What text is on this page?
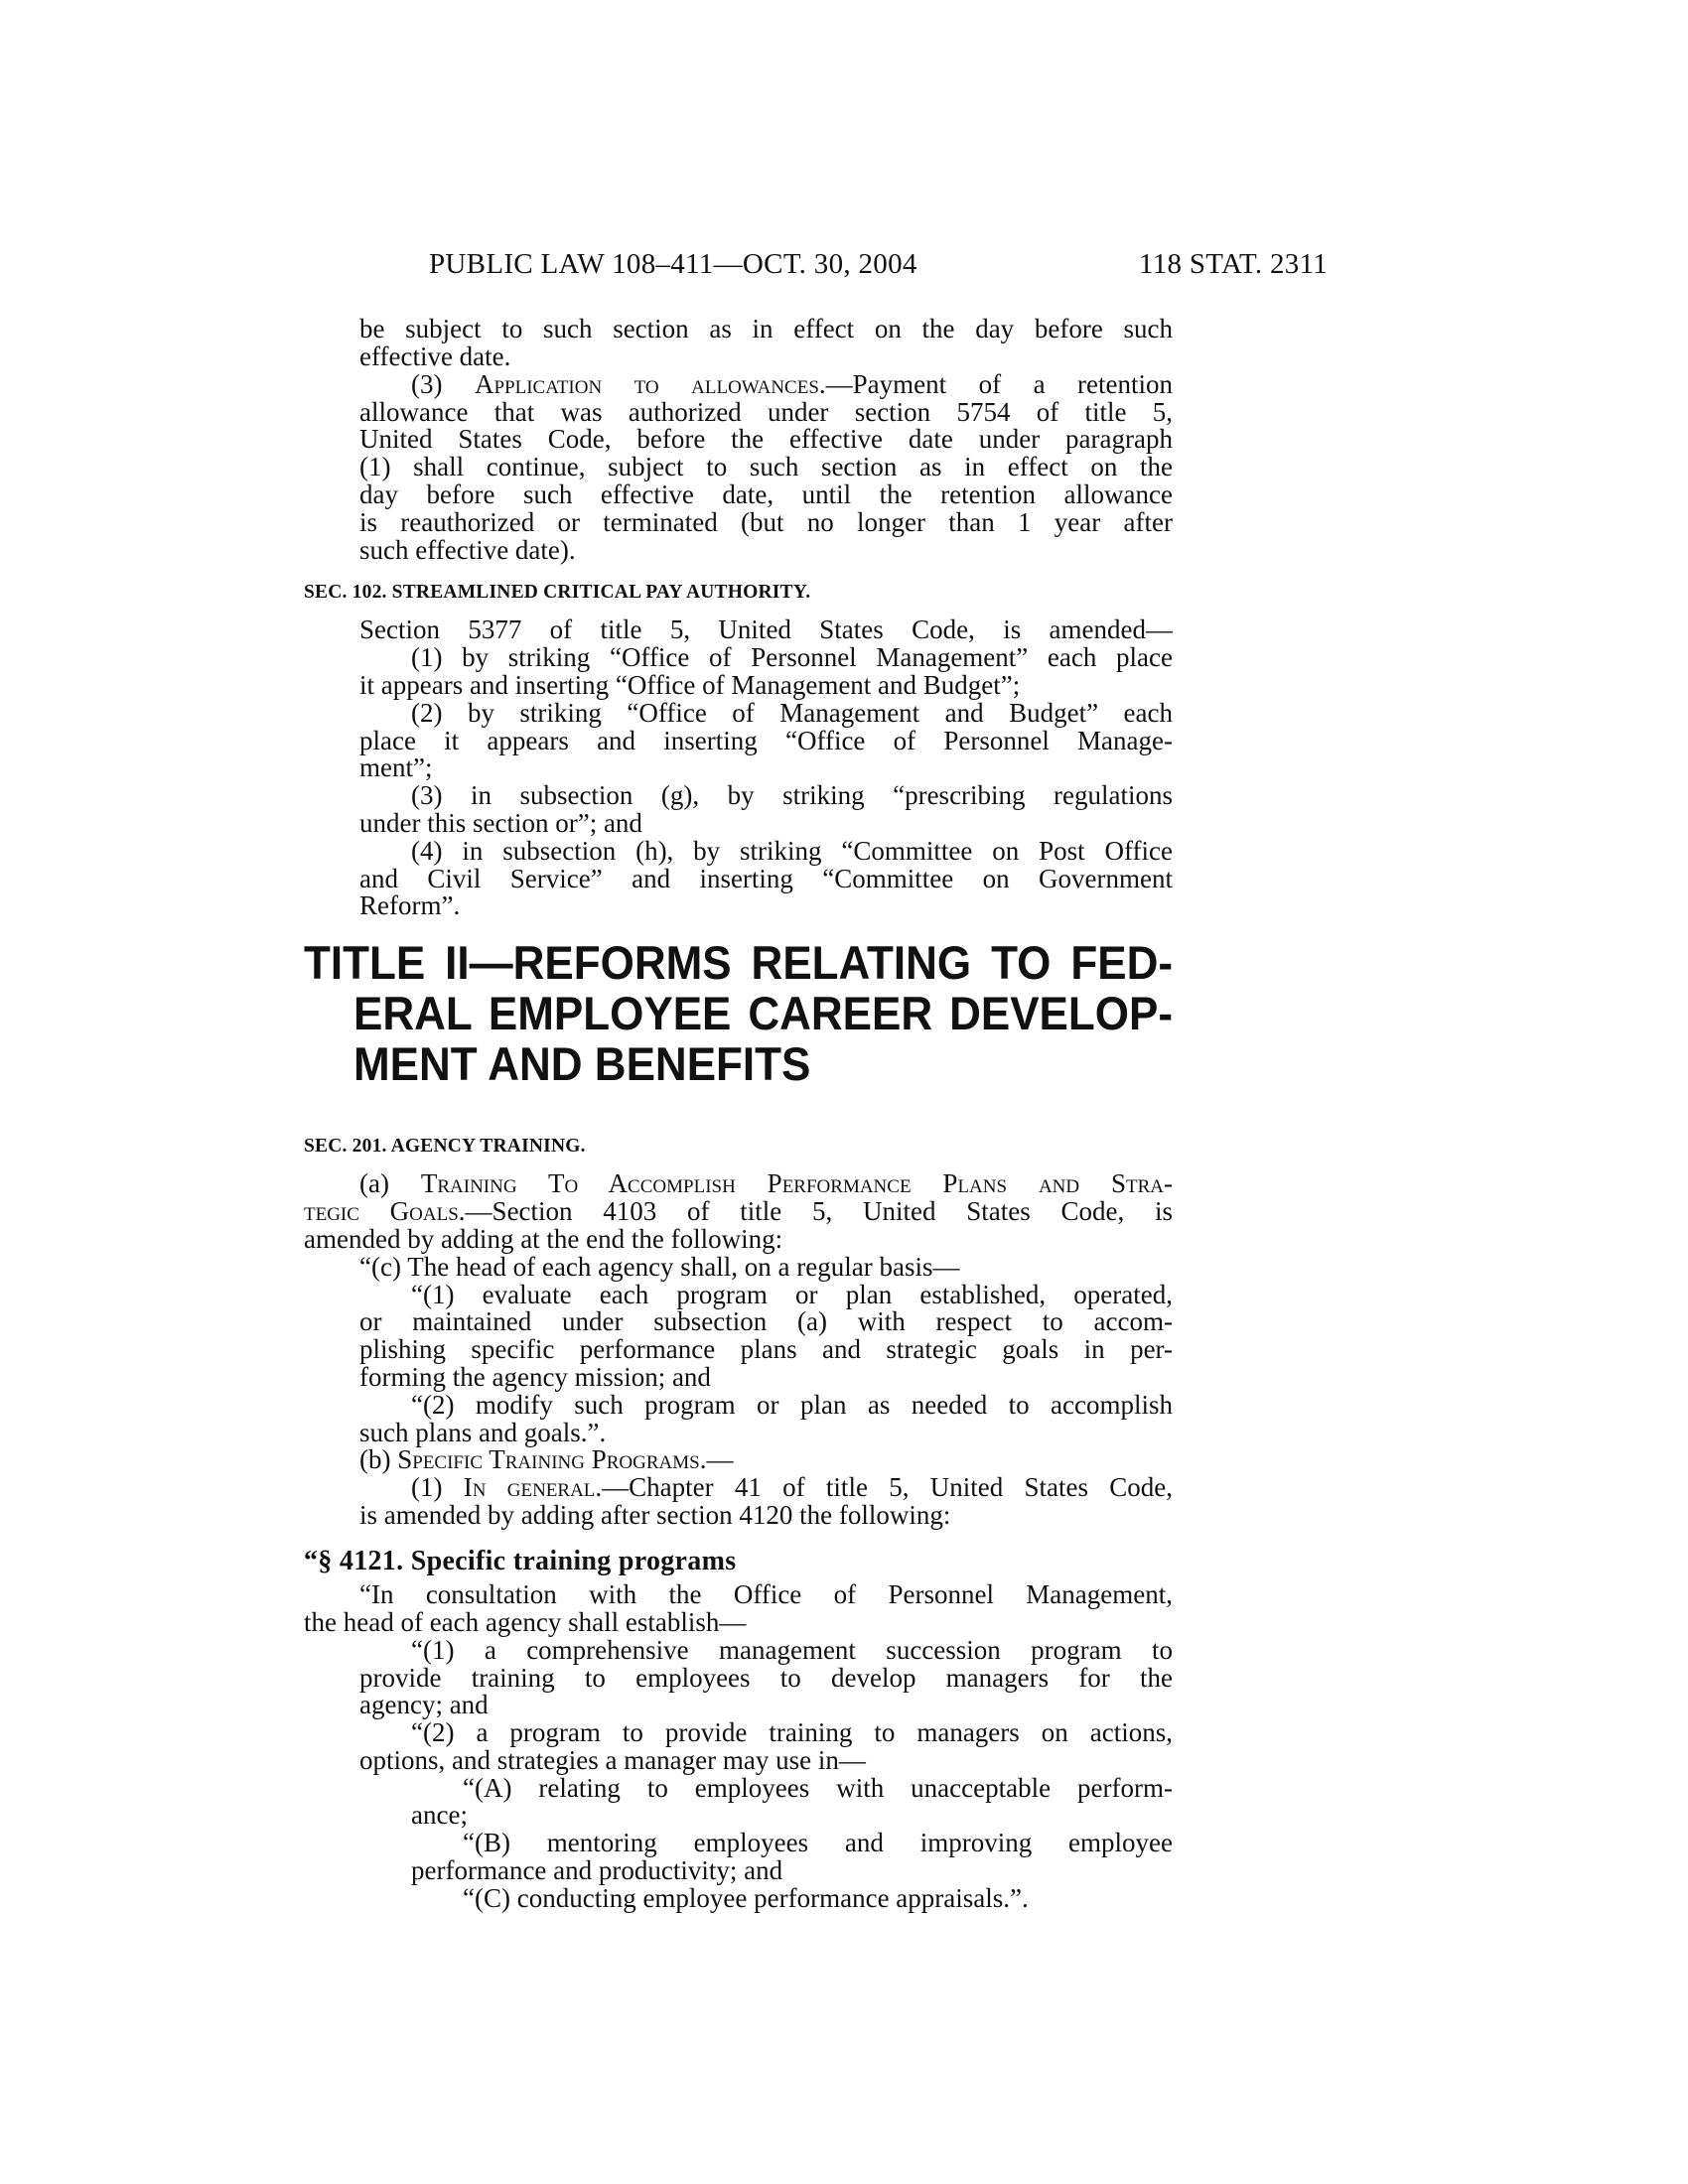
PUBLIC LAW 108–411—OCT. 30, 2004	118 STAT. 2311
be subject to such section as in effect on the day before such
effective date.
(3) Application to allowances.—Payment of a retention
allowance that was authorized under section 5754 of title 5,
United States Code, before the effective date under paragraph
(1) shall continue, subject to such section as in effect on the
day before such effective date, until the retention allowance
is reauthorized or terminated (but no longer than 1 year after
such effective date).
SEC. 102. STREAMLINED CRITICAL PAY AUTHORITY.
Section 5377 of title 5, United States Code, is amended—
(1) by striking “Office of Personnel Management” each place
it appears and inserting “Office of Management and Budget”;
(2) by striking “Office of Management and Budget” each
place it appears and inserting “Office of Personnel Manage-
ment”;
(3) in subsection (g), by striking “prescribing regulations
under this section or”; and
(4) in subsection (h), by striking “Committee on Post Office
and Civil Service” and inserting “Committee on Government
Reform”.
TITLE II—REFORMS RELATING TO FED-
ERAL EMPLOYEE CAREER DEVELOP-
MENT AND BENEFITS
SEC. 201. AGENCY TRAINING.
(a) Training To Accomplish Performance Plans and Stra-
tegic Goals.—Section 4103 of title 5, United States Code, is
amended by adding at the end the following:
“(c) The head of each agency shall, on a regular basis—
“(1) evaluate each program or plan established, operated,
or maintained under subsection (a) with respect to accom-
plishing specific performance plans and strategic goals in per-
forming the agency mission; and
“(2) modify such program or plan as needed to accomplish
such plans and goals.”.
(b) Specific Training Programs.—
(1) In general.—Chapter 41 of title 5, United States Code,
is amended by adding after section 4120 the following:
“§ 4121. Specific training programs
“In consultation with the Office of Personnel Management,
the head of each agency shall establish—
“(1) a comprehensive management succession program to
provide training to employees to develop managers for the
agency; and
“(2) a program to provide training to managers on actions,
options, and strategies a manager may use in—
“(A) relating to employees with unacceptable perform-
ance;
“(B) mentoring employees and improving employee
performance and productivity; and
“(C) conducting employee performance appraisals.”.
